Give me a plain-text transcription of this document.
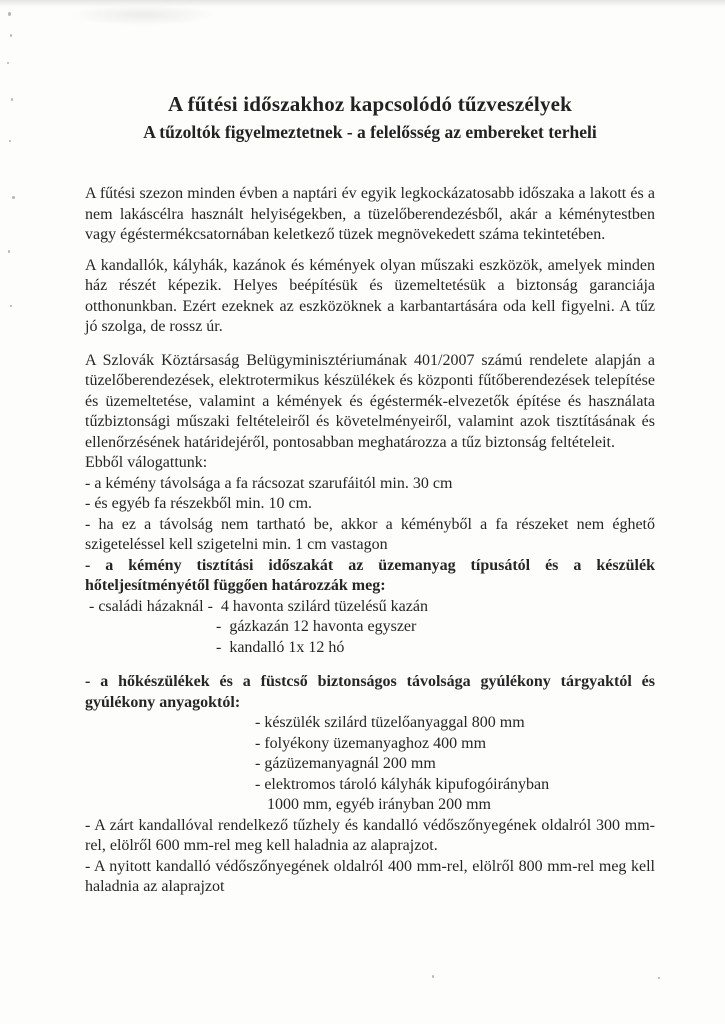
A fűtési időszakhoz kapcsolódó tűzveszélyek
A tűzoltók figyelmeztetnek - a felelősség az embereket terheli

A fűtési szezon minden évben a naptári év egyik legkockázatosabb időszaka a lakott és a nem lakáscélra használt helyiségekben, a tüzelőberendezésből, akár a kéménytestben vagy égéstermékcsatornában keletkező tüzek megnövekedett száma tekintetében.

A kandallók, kályhák, kazánok és kémények olyan műszaki eszközök, amelyek minden ház részét képezik. Helyes beépítésük és üzemeltetésük a biztonság garanciája otthonunkban. Ezért ezeknek az eszközöknek a karbantartására oda kell figyelni. A tűz jó szolga, de rossz úr.

A Szlovák Köztársaság Belügyminisztériumának 401/2007 számú rendelete alapján a tüzelőberendezések, elektrotermikus készülékek és központi fűtőberendezések telepítése és üzemeltetése, valamint a kémények és égéstermék-elvezetők építése és használata tűzbiztonsági műszaki feltételeiről és követelményeiről, valamint azok tisztításának és ellenőrzésének határidejéről, pontosabban meghatározza a tűz biztonság feltételeit.

Ebből válogattunk:

- a kémény távolsága a fa rácsozat szarufáitól min. 30 cm

- és egyéb fa részekből min. 10 cm.

- ha ez a távolság nem tartható be, akkor a kéményből a fa részeket nem éghető szigeteléssel kell szigetelni min. 1 cm vastagon

- a kémény tisztítási időszakát az üzemanyag típusától és a készülék hőteljesítményétől függően határozzák meg:

- családi házaknál -  4 havonta szilárd tüzelésű kazán

-  gázkazán 12 havonta egyszer

-  kandalló 1x 12 hó

- a hőkészülékek és a füstcső biztonságos távolsága gyúlékony tárgyaktól és gyúlékony anyagoktól:

- készülék szilárd tüzelőanyaggal 800 mm

- folyékony üzemanyaghoz 400 mm

- gázüzemanyagnál 200 mm

- elektromos tároló kályhák kipufogóirányban

1000 mm, egyéb irányban 200 mm

- A zárt kandallóval rendelkező tűzhely és kandalló védőszőnyegének oldalról 300 mm-rel, elölről 600 mm-rel meg kell haladnia az alaprajzot.

- A nyitott kandalló védőszőnyegének oldalról 400 mm-rel, elölről 800 mm-rel meg kell haladnia az alaprajzot
